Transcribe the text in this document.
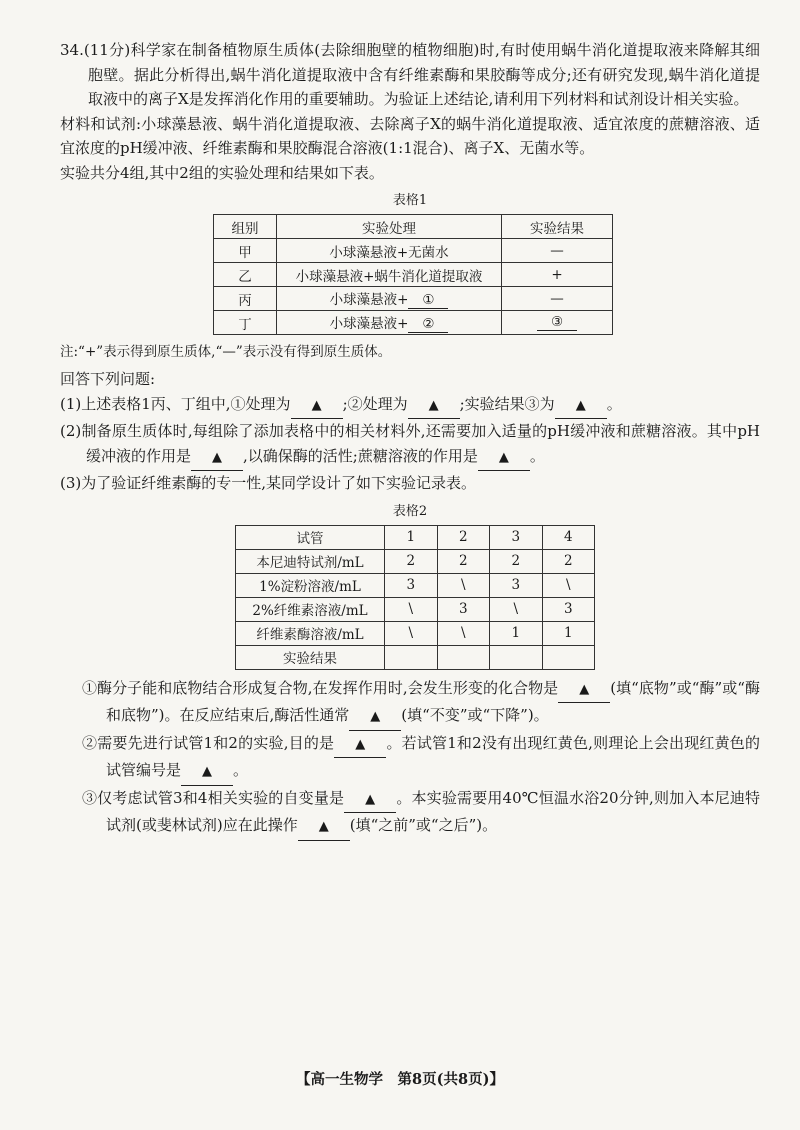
34.(11分)科学家在制备植物原生质体(去除细胞壁的植物细胞)时,有时使用蜗牛消化道提取液来降解其细胞壁。据此分析得出,蜗牛消化道提取液中含有纤维素酶和果胶酶等成分;还有研究发现,蜗牛消化道提取液中的离子X是发挥消化作用的重要辅助。为验证上述结论,请利用下列材料和试剂设计相关实验。

材料和试剂:小球藻悬液、蜗牛消化道提取液、去除离子X的蜗牛消化道提取液、适宜浓度的蔗糖溶液、适宜浓度的pH缓冲液、纤维素酶和果胶酶混合溶液(1:1混合)、离子X、无菌水等。

实验共分4组,其中2组的实验处理和结果如下表。

表格1
组别	实验处理	实验结果
甲	小球藻悬液+无菌水	—
乙	小球藻悬液+蜗牛消化道提取液	+
丙	小球藻悬液+ ①	—
丁	小球藻悬液+ ②	③

注:“+”表示得到原生质体,“—”表示没有得到原生质体。

回答下列问题:

(1)上述表格1丙、丁组中,①处理为 ▲ ;②处理为 ▲ ;实验结果③为 ▲ 。

(2)制备原生质体时,每组除了添加表格中的相关材料外,还需要加入适量的pH缓冲液和蔗糖溶液。其中pH缓冲液的作用是 ▲ ,以确保酶的活性;蔗糖溶液的作用是 ▲ 。

(3)为了验证纤维素酶的专一性,某同学设计了如下实验记录表。

表格2
试管	1	2	3	4
本尼迪特试剂/mL	2	2	2	2
1%淀粉溶液/mL	3	\	3	\
2%纤维素溶液/mL	\	3	\	3
纤维素酶溶液/mL	\	\	1	1
实验结果				

①酶分子能和底物结合形成复合物,在发挥作用时,会发生形变的化合物是 ▲ (填“底物”或“酶”或“酶和底物”)。在反应结束后,酶活性通常 ▲ (填“不变”或“下降”)。

②需要先进行试管1和2的实验,目的是 ▲ 。若试管1和2没有出现红黄色,则理论上会出现红黄色的试管编号是 ▲ 。

③仅考虑试管3和4相关实验的自变量是 ▲ 。本实验需要用40℃恒温水浴20分钟,则加入本尼迪特试剂(或斐林试剂)应在此操作 ▲ (填“之前”或“之后”)。

【高一生物学　第8页(共8页)】
